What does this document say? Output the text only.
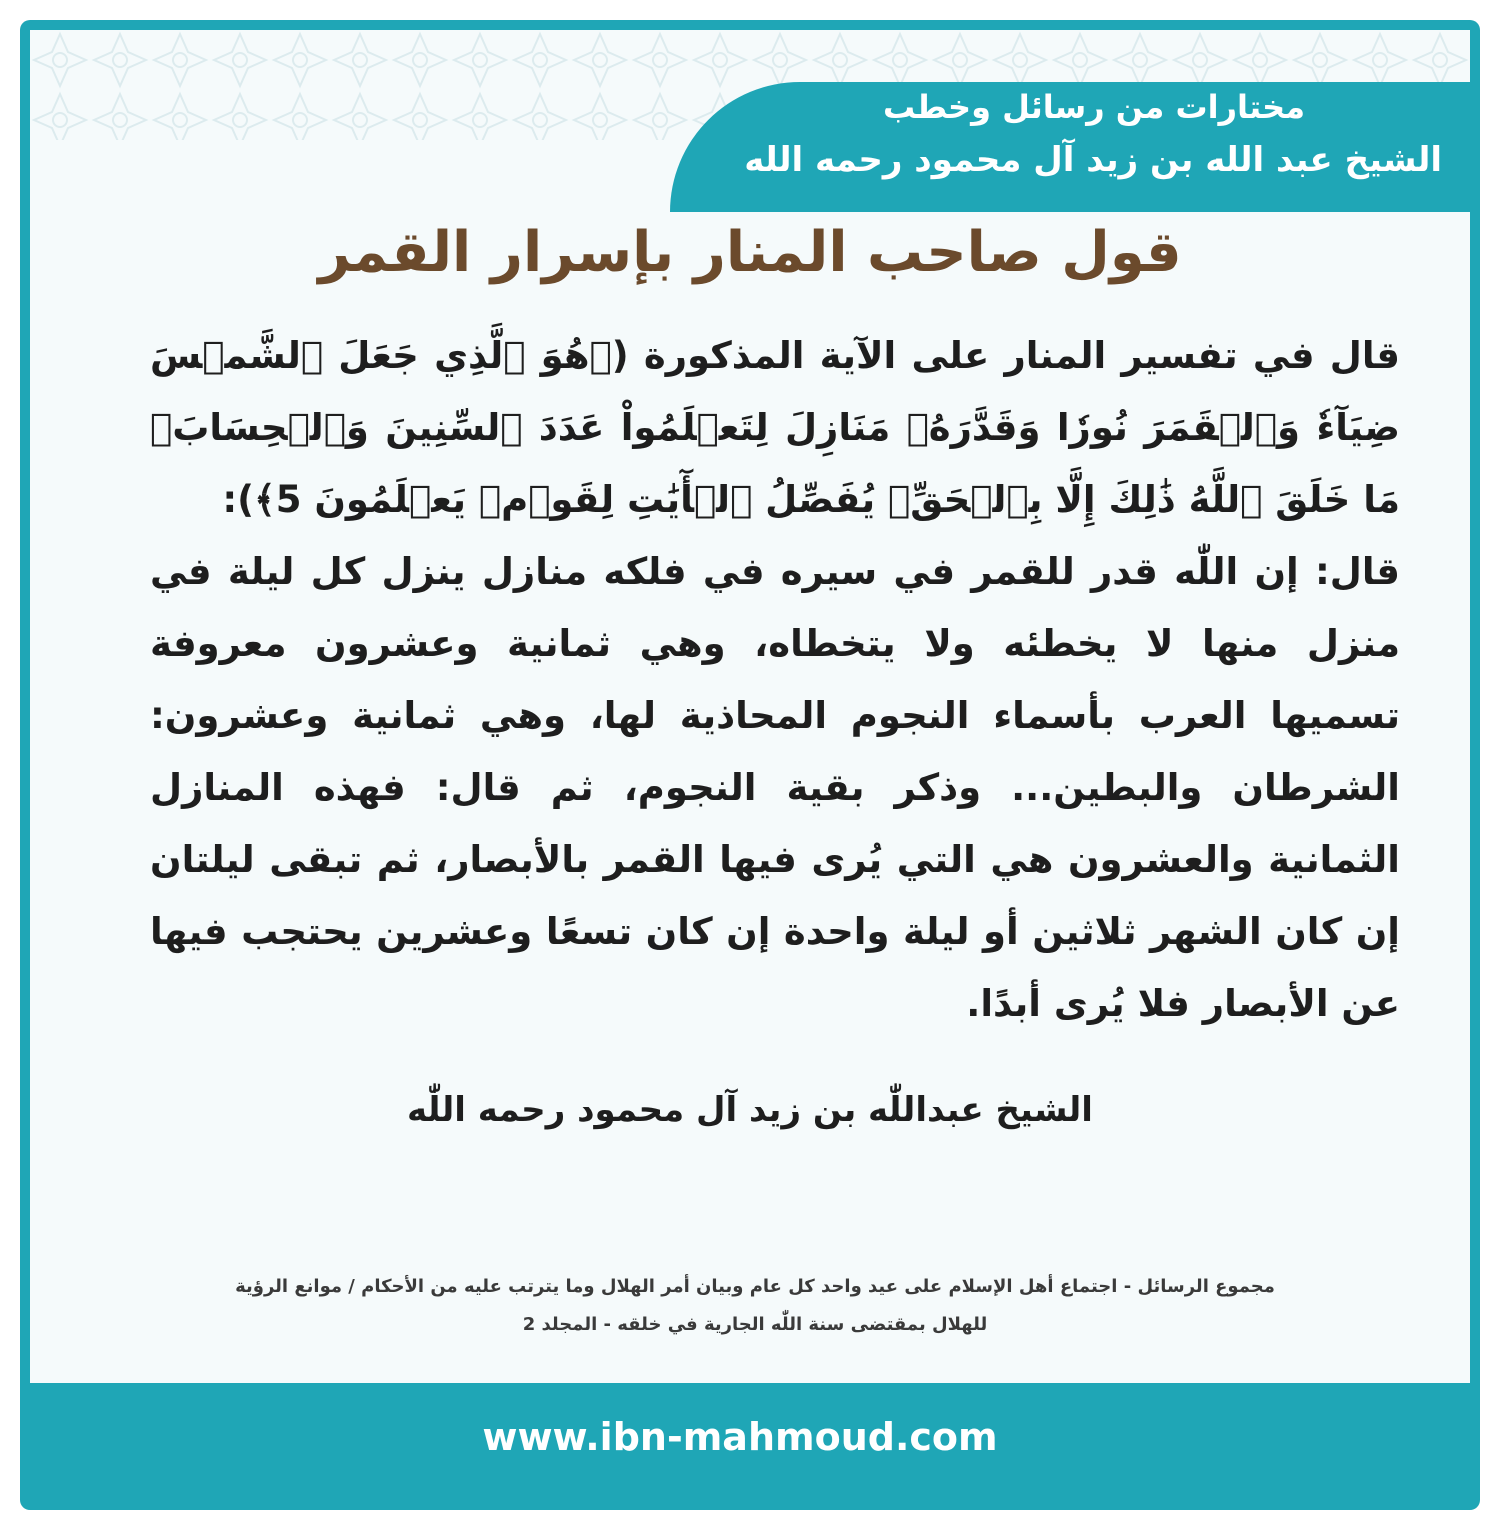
مختارات من رسائل وخطب
الشيخ عبد الله بن زيد آل محمود رحمه الله
قول صاحب المنار بإسرار القمر

قال في تفسير المنار على الآية المذكورة (﴿هُوَ ٱلَّذِي جَعَلَ ٱلشَّمۡسَ ضِيَآءٗ وَٱلۡقَمَرَ نُورٗا وَقَدَّرَهُۥ مَنَازِلَ لِتَعۡلَمُواْ عَدَدَ ٱلسِّنِينَ وَٱلۡحِسَابَۚ مَا خَلَقَ ٱللَّهُ ذَٰلِكَ إِلَّا بِٱلۡحَقِّۚ يُفَصِّلُ ٱلۡأٓيَٰتِ لِقَوۡمٖ يَعۡلَمُونَ 5﴾):

قال: إن اللّٰه قدر للقمر في سيره في فلكه منازل ينزل كل ليلة في منزل منها لا يخطئه ولا يتخطاه، وهي ثمانية وعشرون معروفة تسميها العرب بأسماء النجوم المحاذية لها، وهي ثمانية وعشرون: الشرطان والبطين... وذكر بقية النجوم، ثم قال: فهذه المنازل الثمانية والعشرون هي التي يُرى فيها القمر بالأبصار، ثم تبقى ليلتان إن كان الشهر ثلاثين أو ليلة واحدة إن كان تسعًا وعشرين يحتجب فيها عن الأبصار فلا يُرى أبدًا.

مجموع الرسائل - اجتماع أهل الإسلام على عيد واحد كل عام وبيان أمر الهلال وما يترتب عليه من الأحكام / موانع الرؤية
للهلال بمقتضى سنة اللّٰه الجارية في خلقه - المجلد 2
الشيخ عبداللّٰه بن زيد آل محمود رحمه اللّٰه
www.ibn-mahmoud.com
